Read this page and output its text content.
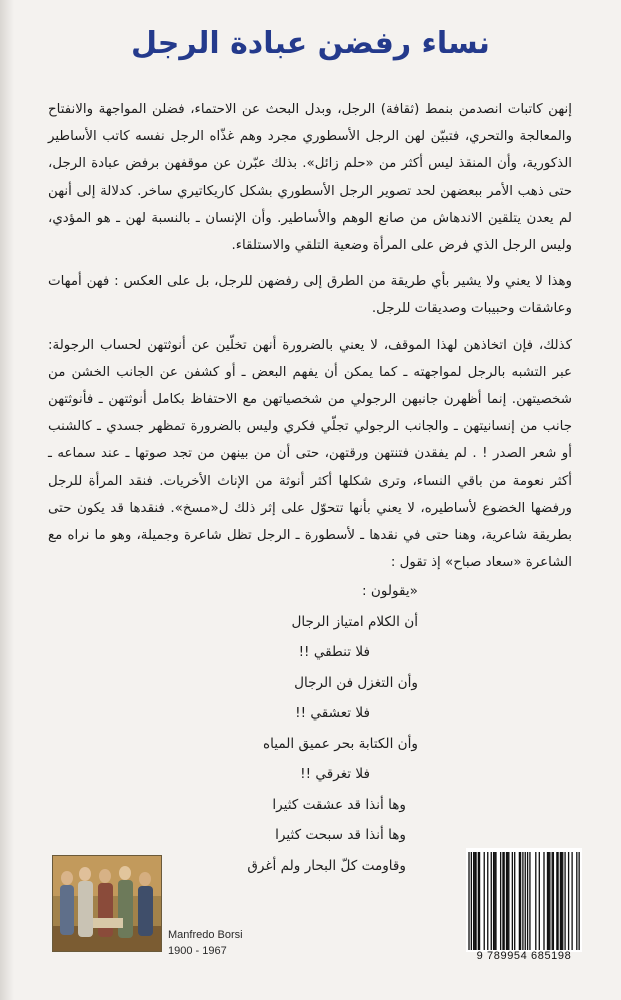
نساء رفضن عبادة الرجل

إنهن كاتبات انصدمن بنمط (ثقافة) الرجل، وبدل البحث عن الاحتماء، فضلن المواجهة والانفتاح والمعالجة والتحري، فتبيّن لهن الرجل الأسطوري مجرد وهم غذّاه الرجل نفسه كاتب الأساطير الذكورية، وأن المنقذ ليس أكثر من «حلم زائل». بذلك عبّرن عن موقفهن برفض عبادة الرجل، حتى ذهب الأمر ببعضهن لحد تصوير الرجل الأسطوري بشكل كاريكاتيري ساخر. كدلالة إلى أنهن لم يعدن يتلقين الاندهاش من صانع الوهم والأساطير. وأن الإنسان ـ بالنسبة لهن ـ هو المؤدي، وليس الرجل الذي فرض على المرأة وضعية التلقي والاستلقاء.

وهذا لا يعني ولا يشير بأي طريقة من الطرق إلى رفضهن للرجل، بل على العكس : فهن أمهات وعاشقات وحبيبات وصديقات للرجل.

كذلك، فإن اتخاذهن لهذا الموقف، لا يعني بالضرورة أنهن تخلّين عن أنوثتهن لحساب الرجولة: عبر التشبه بالرجل لمواجهته ـ كما يمكن أن يفهم البعض ـ أو كشفن عن الجانب الخشن من شخصيتهن. إنما أظهرن جانبهن الرجولي من شخصياتهن مع الاحتفاظ بكامل أنوثتهن ـ فأنوثتهن جانب من إنسانيتهن ـ والجانب الرجولي تجلّي فكري وليس بالضرورة تمظهر جسدي ـ كالشنب أو شعر الصدر ! . لم يفقدن فتنتهن ورقتهن، حتى أن من بينهن من تجد صوتها ـ عند سماعه ـ أكثر نعومة من باقي النساء، وترى شكلها أكثر أنوثة من الإناث الأخريات. فنقد المرأة للرجل ورفضها الخضوع لأساطيره، لا يعني بأنها تتحوّل على إثر ذلك ل«مسخ». فنقدها قد يكون حتى بطريقة شاعرية، وهنا حتى في نقدها ـ لأسطورة ـ الرجل تظل شاعرة وجميلة، وهو ما نراه مع الشاعرة «سعاد صباح» إذ تقول :

«يقولون :
أن الكلام امتياز الرجال
فلا تنطقي !!
وأن التغزل فن الرجال
فلا تعشقي !!
وأن الكتابة بحر عميق المياه
فلا تغرقي !!
وها أنذا قد عشقت كثيرا
وها أنذا قد سبحت كثيرا
وقاومت كلّ البحار ولم أغرق
Manfredo Borsi
1900 - 1967	9 789954 685198
